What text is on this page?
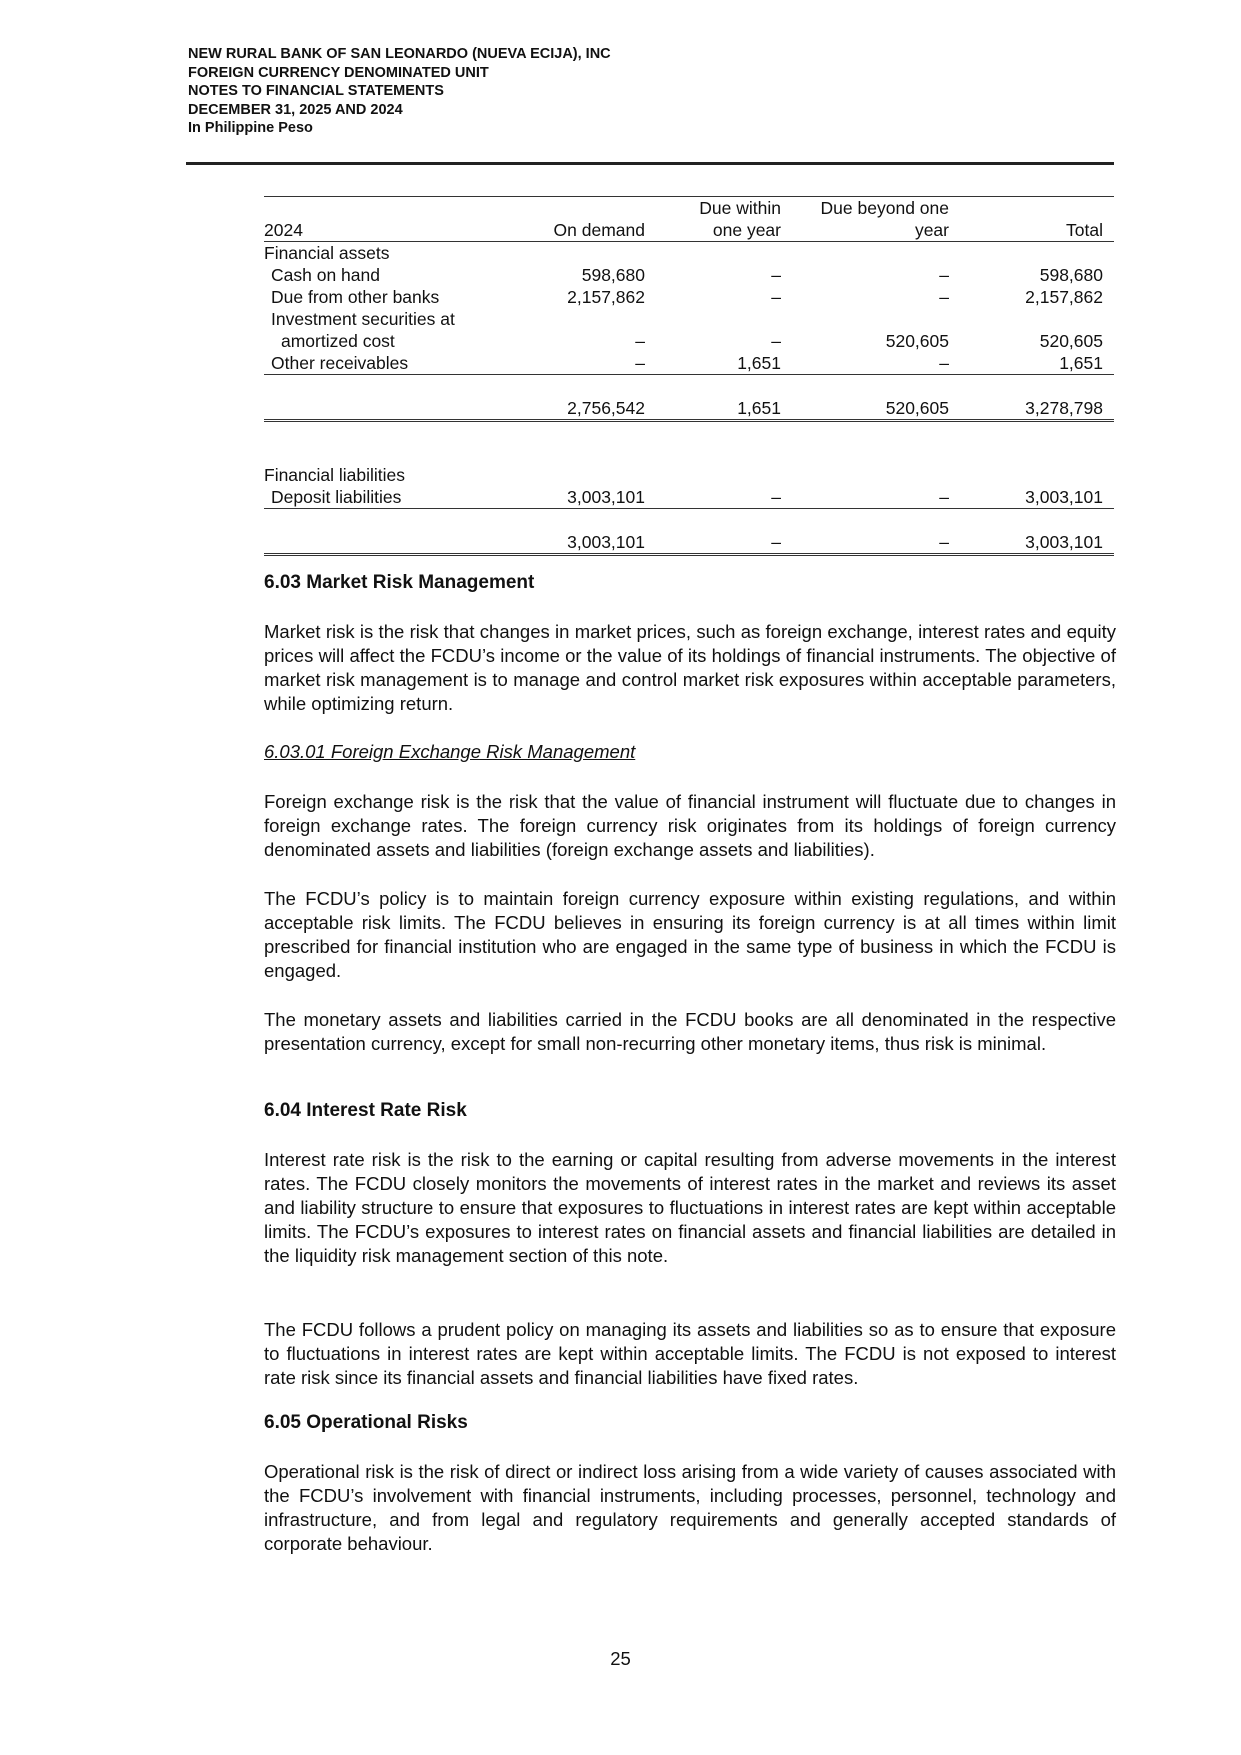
NEW RURAL BANK OF SAN LEONARDO (NUEVA ECIJA), INC
FOREIGN CURRENCY DENOMINATED UNIT
NOTES TO FINANCIAL STATEMENTS
DECEMBER 31, 2025 AND 2024
In Philippine Peso
		Due within	Due beyond one	
2024	On demand	one year	year	Total
Financial assets				
Cash on hand	598,680	–	–	598,680
Due from other banks	2,157,862	–	–	2,157,862
Investment securities at				
amortized cost	–	–	520,605	520,605
Other receivables	–	1,651	–	1,651

	2,756,542	1,651	520,605	3,278,798

Financial liabilities				
Deposit liabilities	3,003,101	–	–	3,003,101

	3,003,101	–	–	3,003,101
6.03 Market Risk Management

Market risk is the risk that changes in market prices, such as foreign exchange, interest rates and equity prices will affect the FCDU’s income or the value of its holdings of financial instruments. The objective of market risk management is to manage and control market risk exposures within acceptable parameters, while optimizing return.

6.03.01 Foreign Exchange Risk Management

Foreign exchange risk is the risk that the value of financial instrument will fluctuate due to changes in foreign exchange rates. The foreign currency risk originates from its holdings of foreign currency denominated assets and liabilities (foreign exchange assets and liabilities).

The FCDU’s policy is to maintain foreign currency exposure within existing regulations, and within acceptable risk limits. The FCDU believes in ensuring its foreign currency is at all times within limit prescribed for financial institution who are engaged in the same type of business in which the FCDU is engaged.

The monetary assets and liabilities carried in the FCDU books are all denominated in the respective presentation currency, except for small non-recurring other monetary items, thus risk is minimal.

6.04 Interest Rate Risk

Interest rate risk is the risk to the earning or capital resulting from adverse movements in the interest rates. The FCDU closely monitors the movements of interest rates in the market and reviews its asset and liability structure to ensure that exposures to fluctuations in interest rates are kept within acceptable limits. The FCDU’s exposures to interest rates on financial assets and financial liabilities are detailed in the liquidity risk management section of this note.

The FCDU follows a prudent policy on managing its assets and liabilities so as to ensure that exposure to fluctuations in interest rates are kept within acceptable limits. The FCDU is not exposed to interest rate risk since its financial assets and financial liabilities have fixed rates.

6.05 Operational Risks

Operational risk is the risk of direct or indirect loss arising from a wide variety of causes associated with the FCDU’s involvement with financial instruments, including processes, personnel, technology and infrastructure, and from legal and regulatory requirements and generally accepted standards of corporate behaviour.

25
